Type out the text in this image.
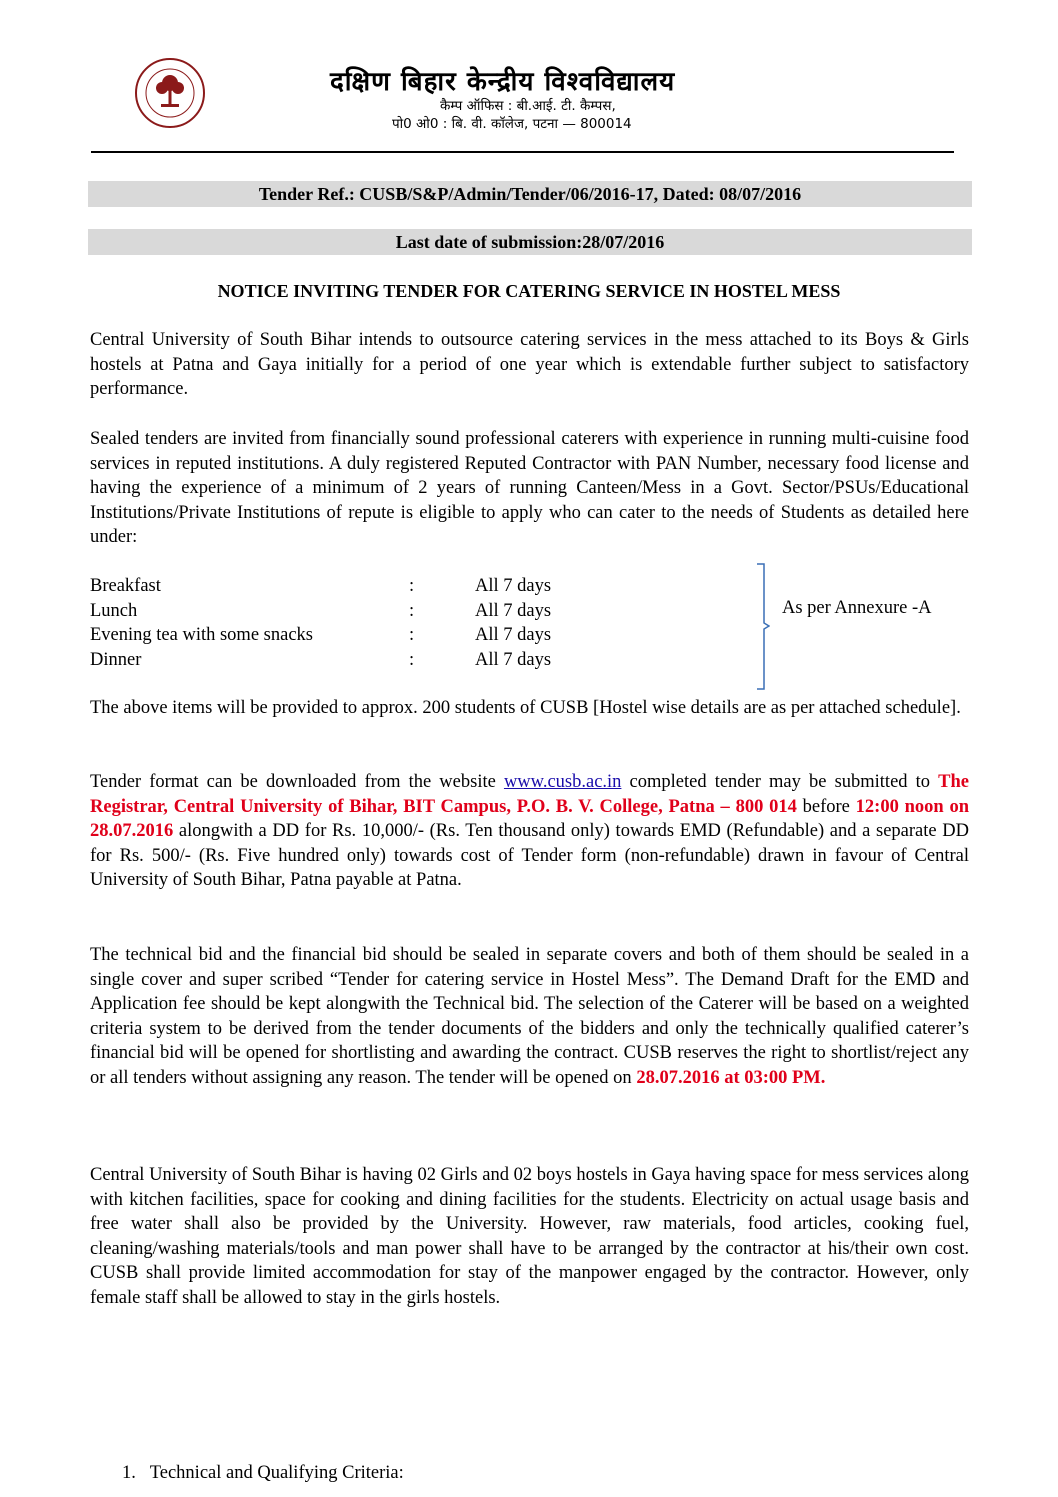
दक्षिण बिहार केन्द्रीय विश्वविद्यालय
कैम्प ऑफिस : बी.आई. टी. कैम्पस,
पो0 ओ0 : बि. वी. कॉलेज, पटना — 800014
Tender Ref.: CUSB/S&P/Admin/Tender/06/2016-17, Dated: 08/07/2016
Last date of submission:28/07/2016
NOTICE INVITING TENDER FOR CATERING SERVICE IN HOSTEL MESS
Central University of South Bihar intends to outsource catering services in the mess attached to its Boys & Girls hostels at Patna and Gaya initially for a period of one year which is extendable further subject to satisfactory performance.
Sealed tenders are invited from financially sound professional caterers with experience in running multi-cuisine food services in reputed institutions. A duly registered Reputed Contractor with PAN Number, necessary food license and having the experience of a minimum of 2 years of running Canteen/Mess in a Govt. Sector/PSUs/Educational Institutions/Private Institutions of repute is eligible to apply who can cater to the needs of Students as detailed here under:
Breakfast	:	All 7 days
Lunch	:	All 7 days
Evening tea with some snacks	:	All 7 days
Dinner	:	All 7 days
As per Annexure -A
The above items will be provided to approx. 200 students of CUSB [Hostel wise details are as per attached schedule].
Tender format can be downloaded from the website www.cusb.ac.in completed tender may be submitted to The Registrar, Central University of Bihar, BIT Campus, P.O. B. V. College, Patna – 800 014 before 12:00 noon on 28.07.2016 alongwith a DD for Rs. 10,000/- (Rs. Ten thousand only) towards EMD (Refundable) and a separate DD for Rs. 500/- (Rs. Five hundred only) towards cost of Tender form (non-refundable) drawn in favour of Central University of South Bihar, Patna payable at Patna.
The technical bid and the financial bid should be sealed in separate covers and both of them should be sealed in a single cover and super scribed “Tender for catering service in Hostel Mess”. The Demand Draft for the EMD and Application fee should be kept alongwith the Technical bid. The selection of the Caterer will be based on a weighted criteria system to be derived from the tender documents of the bidders and only the technically qualified caterer’s financial bid will be opened for shortlisting and awarding the contract. CUSB reserves the right to shortlist/reject any or all tenders without assigning any reason. The tender will be opened on 28.07.2016 at 03:00 PM.
Central University of South Bihar is having 02 Girls and 02 boys hostels in Gaya having space for mess services along with kitchen facilities, space for cooking and dining facilities for the students. Electricity on actual usage basis and free water shall also be provided by the University. However, raw materials, food articles, cooking fuel, cleaning/washing materials/tools and man power shall have to be arranged by the contractor at his/their own cost. CUSB shall provide limited accommodation for stay of the manpower engaged by the contractor. However, only female staff shall be allowed to stay in the girls hostels.
1. Technical and Qualifying Criteria:
